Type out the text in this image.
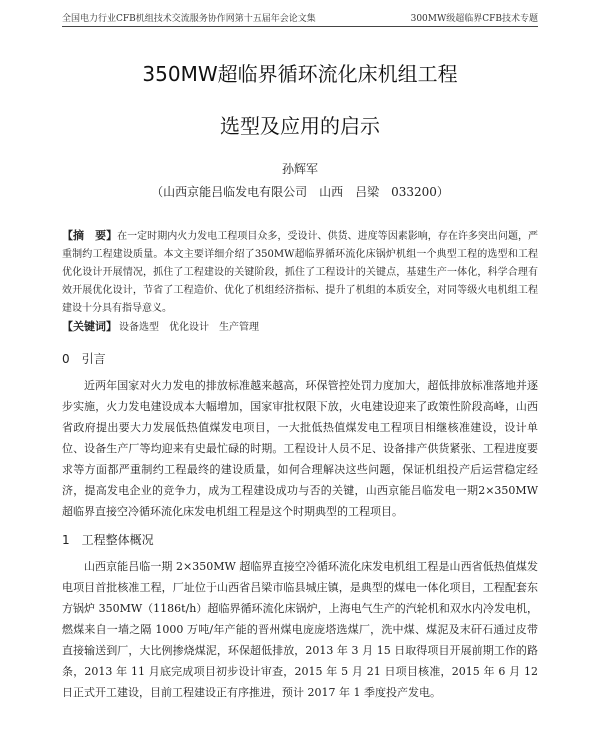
全国电力行业CFB机组技术交流服务协作网第十五届年会论文集	300MW级超临界CFB技术专题
350MW超临界循环流化床机组工程
选型及应用的启示
孙辉军
（山西京能吕临发电有限公司　山西　吕梁　033200）
【摘　要】在一定时期内火力发电工程项目众多，受设计、供货、进度等因素影响，存在许多突出问题，严重制约工程建设质量。本文主要详细介绍了350MW超临界循环流化床锅炉机组一个典型工程的选型和工程优化设计开展情况，抓住了工程建设的关键阶段，抓住了工程设计的关键点，基建生产一体化，科学合理有效开展优化设计，节省了工程造价、优化了机组经济指标、提升了机组的本质安全，对同等级火电机组工程建设十分具有指导意义。
【关键词】 设备选型　优化设计　生产管理
0　引言
近两年国家对火力发电的排放标准越来越高，环保管控处罚力度加大，超低排放标准落地并逐步实施，火力发电建设成本大幅增加，国家审批权限下放，火电建设迎来了政策性阶段高峰，山西省政府提出要大力发展低热值煤发电项目，一大批低热值煤发电工程项目相继核准建设，设计单位、设备生产厂等均迎来有史最忙碌的时期。工程设计人员不足、设备排产供货紧张、工程进度要求等方面都严重制约工程最终的建设质量，如何合理解决这些问题，保证机组投产后运营稳定经济，提高发电企业的竞争力，成为工程建设成功与否的关键，山西京能吕临发电一期2×350MW超临界直接空冷循环流化床发电机组工程是这个时期典型的工程项目。
1　工程整体概况
山西京能吕临一期 2×350MW 超临界直接空冷循环流化床发电机组工程是山西省低热值煤发电项目首批核准工程，厂址位于山西省吕梁市临县城庄镇，是典型的煤电一体化项目，工程配套东方锅炉 350MW（1186t/h）超临界循环流化床锅炉，上海电气生产的汽轮机和双水内冷发电机，燃煤来自一墙之隔 1000 万吨/年产能的晋州煤电庞庞塔选煤厂，洗中煤、煤泥及末矸石通过皮带直接输送到厂，大比例掺烧煤泥，环保超低排放，2013 年 3 月 15 日取得项目开展前期工作的路条，2013 年 11 月底完成项目初步设计审查，2015 年 5 月 21 日项目核准，2015 年 6 月 12 日正式开工建设，目前工程建设正有序推进，预计 2017 年 1 季度投产发电。
